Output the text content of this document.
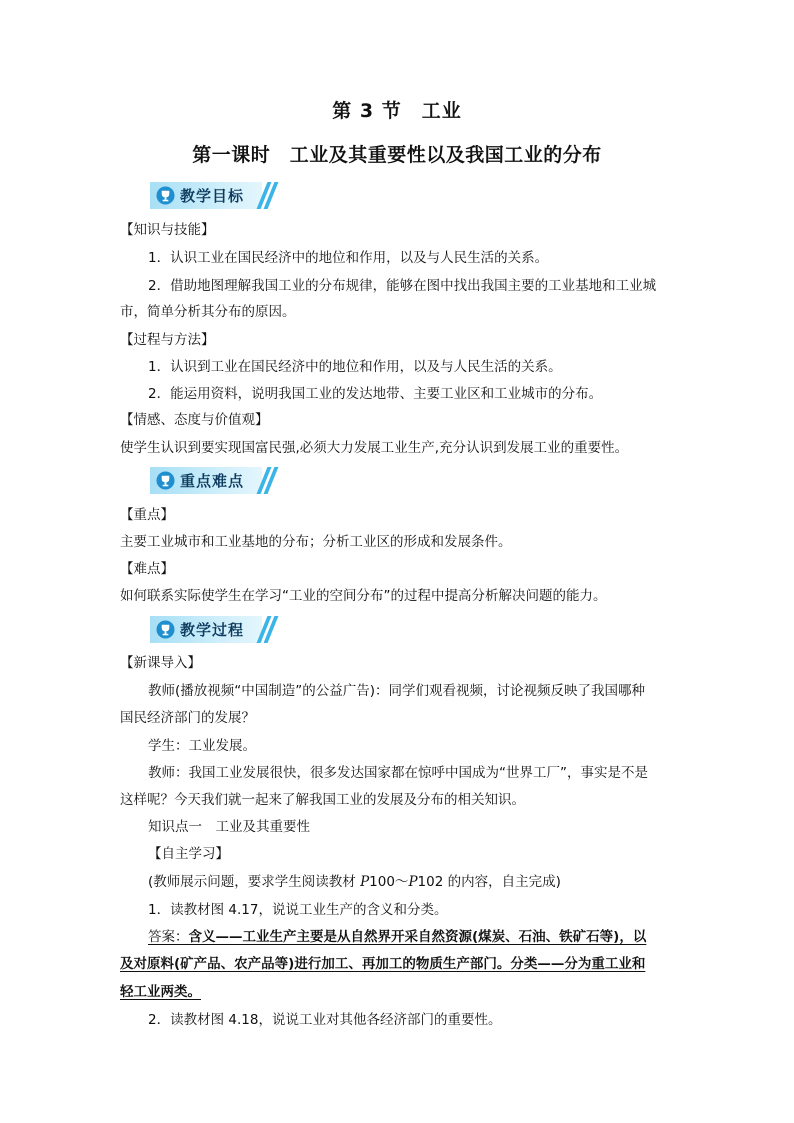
第 3 节　工业
第一课时　工业及其重要性以及我国工业的分布
教学目标
【知识与技能】
1．认识工业在国民经济中的地位和作用，以及与人民生活的关系。
2．借助地图理解我国工业的分布规律，能够在图中找出我国主要的工业基地和工业城
市，简单分析其分布的原因。
【过程与方法】
1．认识到工业在国民经济中的地位和作用，以及与人民生活的关系。
2．能运用资料，说明我国工业的发达地带、主要工业区和工业城市的分布。
【情感、态度与价值观】
使学生认识到要实现国富民强,必须大力发展工业生产,充分认识到发展工业的重要性。
重点难点
【重点】
主要工业城市和工业基地的分布；分析工业区的形成和发展条件。
【难点】
如何联系实际使学生在学习“工业的空间分布”的过程中提高分析解决问题的能力。
教学过程
【新课导入】
教师(播放视频“中国制造”的公益广告)：同学们观看视频，讨论视频反映了我国哪种
国民经济部门的发展？
学生：工业发展。
教师：我国工业发展很快，很多发达国家都在惊呼中国成为“世界工厂”，事实是不是
这样呢？今天我们就一起来了解我国工业的发展及分布的相关知识。
知识点一　工业及其重要性
【自主学习】
(教师展示问题，要求学生阅读教材 P100～P102 的内容，自主完成)
1．读教材图 4.17，说说工业生产的含义和分类。
答案：含义——工业生产主要是从自然界开采自然资源(煤炭、石油、铁矿石等)，以
及对原料(矿产品、农产品等)进行加工、再加工的物质生产部门。分类——分为重工业和
轻工业两类。
2．读教材图 4.18，说说工业对其他各经济部门的重要性。
